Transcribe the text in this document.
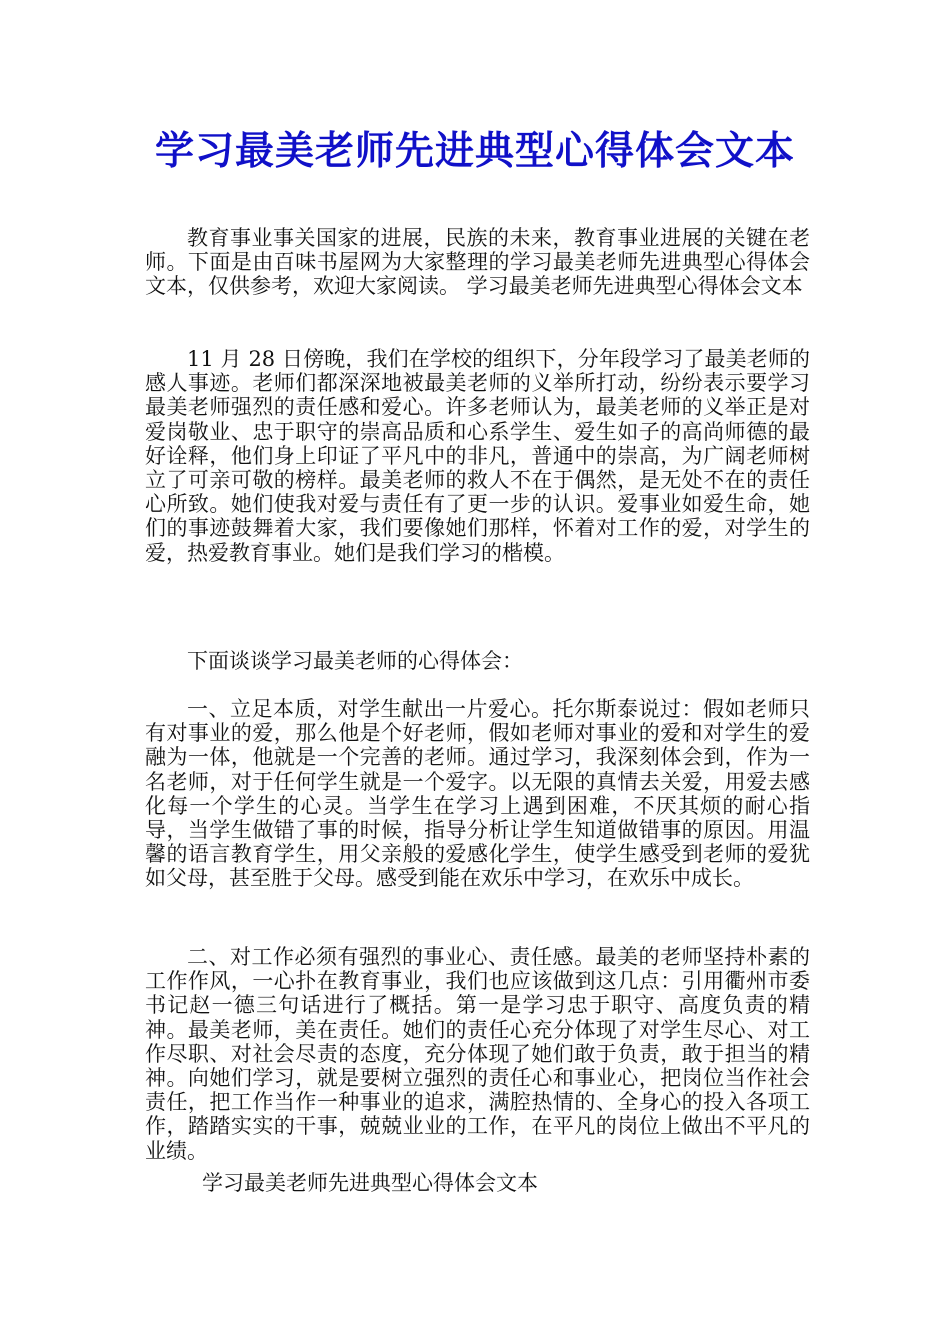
学习最美老师先进典型心得体会文本

教育事业事关国家的进展，民族的未来，教育事业进展的关键在老师。下面是由百味书屋网为大家整理的学习最美老师先进典型心得体会文本，仅供参考，欢迎大家阅读。 学习最美老师先进典型心得体会文本

11 月 28 日傍晚，我们在学校的组织下，分年段学习了最美老师的感人事迹。老师们都深深地被最美老师的义举所打动，纷纷表示要学习最美老师强烈的责任感和爱心。许多老师认为，最美老师的义举正是对爱岗敬业、忠于职守的崇高品质和心系学生、爱生如子的高尚师德的最好诠释，他们身上印证了平凡中的非凡，普通中的崇高，为广阔老师树立了可亲可敬的榜样。最美老师的救人不在于偶然，是无处不在的责任心所致。她们使我对爱与责任有了更一步的认识。爱事业如爱生命，她们的事迹鼓舞着大家，我们要像她们那样，怀着对工作的爱，对学生的爱，热爱教育事业。她们是我们学习的楷模。

下面谈谈学习最美老师的心得体会：

一、立足本质，对学生献出一片爱心。托尔斯泰说过：假如老师只有对事业的爱，那么他是个好老师，假如老师对事业的爱和对学生的爱融为一体，他就是一个完善的老师。通过学习，我深刻体会到，作为一名老师，对于任何学生就是一个爱字。以无限的真情去关爱，用爱去感化每一个学生的心灵。当学生在学习上遇到困难，不厌其烦的耐心指导，当学生做错了事的时候，指导分析让学生知道做错事的原因。用温馨的语言教育学生，用父亲般的爱感化学生，使学生感受到老师的爱犹如父母，甚至胜于父母。感受到能在欢乐中学习，在欢乐中成长。

二、对工作必须有强烈的事业心、责任感。最美的老师坚持朴素的工作作风，一心扑在教育事业，我们也应该做到这几点：引用衢州市委书记赵一德三句话进行了概括。第一是学习忠于职守、高度负责的精神。最美老师，美在责任。她们的责任心充分体现了对学生尽心、对工作尽职、对社会尽责的态度，充分体现了她们敢于负责，敢于担当的精神。向她们学习，就是要树立强烈的责任心和事业心，把岗位当作社会责任，把工作当作一种事业的追求，满腔热情的、全身心的投入各项工作，踏踏实实的干事，兢兢业业的工作，在平凡的岗位上做出不平凡的业绩。

学习最美老师先进典型心得体会文本
